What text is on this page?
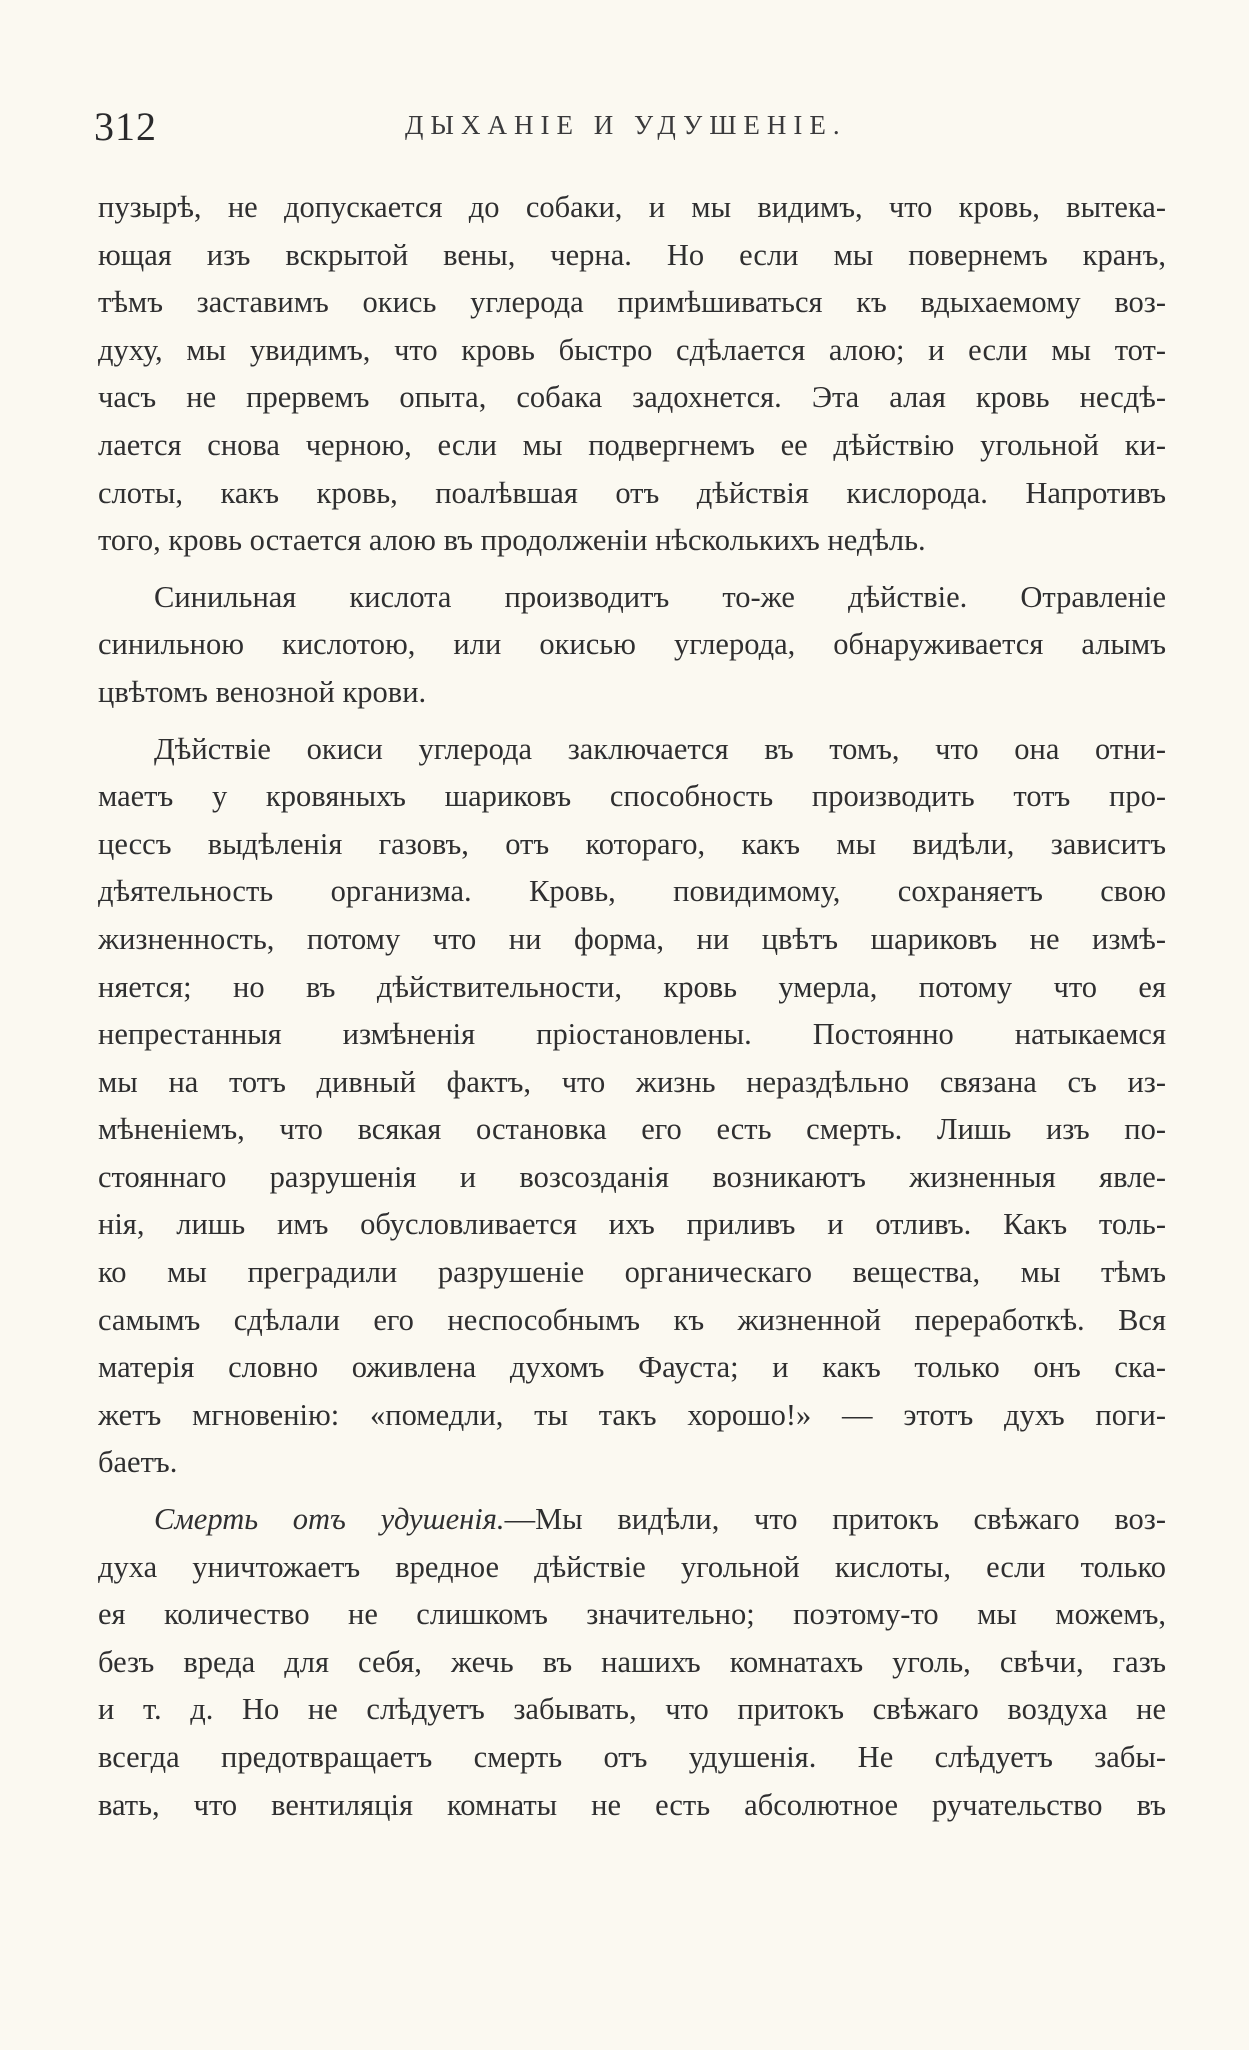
312	ДЫХАНІЕ И УДУШЕНІЕ.
пузырѣ, не допускается до собаки, и мы видимъ, что кровь, вытека-
ющая изъ вскрытой вены, черна. Но если мы повернемъ кранъ,
тѣмъ заставимъ окись углерода примѣшиваться къ вдыхаемому воз-
духу, мы увидимъ, что кровь быстро сдѣлается алою; и если мы тот-
часъ не прервемъ опыта, собака задохнется. Эта алая кровь несдѣ-
лается снова черною, если мы подвергнемъ ее дѣйствію угольной ки-
слоты, какъ кровь, поалѣвшая отъ дѣйствія кислорода. Напротивъ
того, кровь остается алою въ продолженіи нѣсколькихъ недѣль.
Синильная кислота производитъ то-же дѣйствіе. Отравленіе
синильною кислотою, или окисью углерода, обнаруживается алымъ
цвѣтомъ венозной крови.
Дѣйствіе окиси углерода заключается въ томъ, что она отни-
маетъ у кровяныхъ шариковъ способность производить тотъ про-
цессъ выдѣленія газовъ, отъ котораго, какъ мы видѣли, зависитъ
дѣятельность организма. Кровь, повидимому, сохраняетъ свою
жизненность, потому что ни форма, ни цвѣтъ шариковъ не измѣ-
няется; но въ дѣйствительности, кровь умерла, потому что ея
непрестанныя измѣненія пріостановлены. Постоянно натыкаемся
мы на тотъ дивный фактъ, что жизнь нераздѣльно связана съ из-
мѣненіемъ, что всякая остановка его есть смерть. Лишь изъ по-
стояннаго разрушенія и возсозданія возникаютъ жизненныя явле-
нія, лишь имъ обусловливается ихъ приливъ и отливъ. Какъ толь-
ко мы преградили разрушеніе органическаго вещества, мы тѣмъ
самымъ сдѣлали его неспособнымъ къ жизненной переработкѣ. Вся
матерія словно оживлена духомъ Фауста; и какъ только онъ ска-
жетъ мгновенію: «помедли, ты такъ хорошо!» — этотъ духъ поги-
баетъ.
Смерть отъ удушенія.—Мы видѣли, что притокъ свѣжаго воз-
духа уничтожаетъ вредное дѣйствіе угольной кислоты, если только
ея количество не слишкомъ значительно; поэтому-то мы можемъ,
безъ вреда для себя, жечь въ нашихъ комнатахъ уголь, свѣчи, газъ
и т. д. Но не слѣдуетъ забывать, что притокъ свѣжаго воздуха не
всегда предотвращаетъ смерть отъ удушенія. Не слѣдуетъ забы-
вать, что вентиляція комнаты не есть абсолютное ручательство въ
